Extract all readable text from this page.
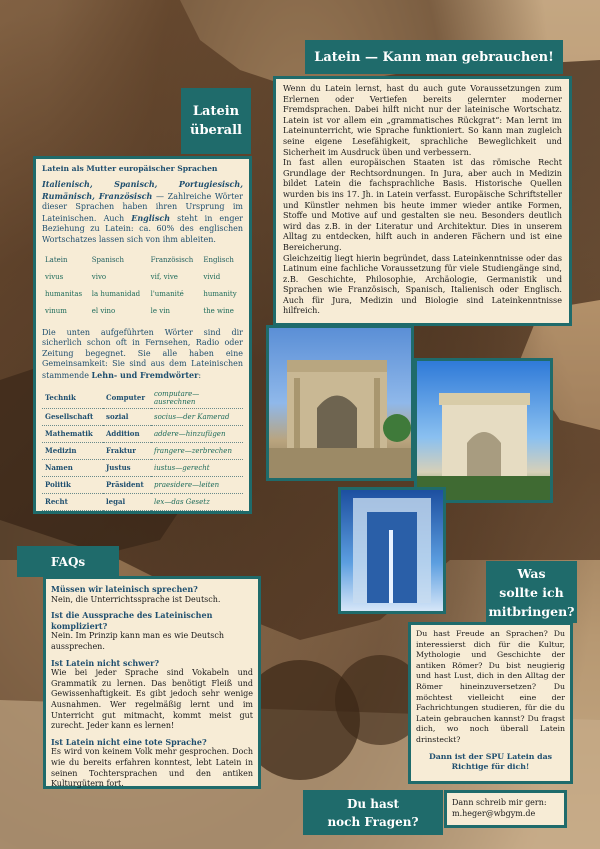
Latein — Kann man gebrauchen!
Latein
überall

Latein als Mutter europäischer Sprachen

Italienisch, Spanisch, Portugiesisch, Rumänisch, Französisch — Zahlreiche Wörter dieser Sprachen haben ihren Ursprung im Lateinischen. Auch Englisch steht in enger Beziehung zu Latein: ca. 60% des englischen Wortschatzes lassen sich von ihm ableiten.

Latein	Spanisch	Französisch	Englisch
vivus	vivo	vif, vive	vivid
humanitas	la humanidad	l'umanité	humanity
vinum	el vino	le vin	the wine

Die unten aufgeführten Wörter sind dir sicherlich schon oft in Fernsehen, Radio oder Zeitung begegnet. Sie alle haben eine Gemeinsamkeit: Sie sind aus dem Lateinischen stammende Lehn- und Fremdwörter:

Technik	Computer	computare—ausrechnen
Gesellschaft	sozial	socius—der Kamerad
Mathematik	Addition	addere—hinzufügen
Medizin	Fraktur	frangere—zerbrechen
Namen	Justus	iustus—gerecht
Politik	Präsident	praesidere—leiten
Recht	legal	lex—das Gesetz

Wenn du Latein lernst, hast du auch gute Voraussetzungen zum Erlernen oder Vertiefen bereits gelernter moderner Fremdsprachen. Dabei hilft nicht nur der lateinische Wortschatz. Latein ist vor allem ein „grammatisches Rückgrat“: Man lernt im Lateinunterricht, wie Sprache funktioniert. So kann man zugleich seine eigene Lesefähigkeit, sprachliche Beweglichkeit und Sicherheit im Ausdruck üben und verbessern.

In fast allen europäischen Staaten ist das römische Recht Grundlage der Rechtsordnungen. In Jura, aber auch in Medizin bildet Latein die fachsprachliche Basis. Historische Quellen wurden bis ins 17. Jh. in Latein verfasst. Europäische Schriftsteller und Künstler nehmen bis heute immer wieder antike Formen, Stoffe und Motive auf und gestalten sie neu. Besonders deutlich wird das z.B. in der Literatur und Architektur. Dies in unserem Alltag zu entdecken, hilft auch in anderen Fächern und ist eine Bereicherung.

Gleichzeitig liegt hierin begründet, dass Lateinkenntnisse oder das Latinum eine fachliche Voraussetzung für viele Studiengänge sind, z.B. Geschichte, Philosophie, Archäologie, Germanistik und Sprachen wie Französisch, Spanisch, Italienisch oder Englisch. Auch für Jura, Medizin und Biologie sind Lateinkenntnisse hilfreich.

FAQs

Müssen wir lateinisch sprechen?

Nein, die Unterrichtssprache ist Deutsch.

Ist die Aussprache des Lateinischen kompliziert?

Nein. Im Prinzip kann man es wie Deutsch aussprechen.

Ist Latein nicht schwer?

Wie bei jeder Sprache sind Vokabeln und Grammatik zu lernen. Das benötigt Fleiß und Gewissenhaftigkeit. Es gibt jedoch sehr wenige Ausnahmen. Wer regelmäßig lernt und im Unterricht gut mitmacht, kommt meist gut zurecht. Jeder kann es lernen!

Ist Latein nicht eine tote Sprache?

Es wird von keinem Volk mehr gesprochen. Doch wie du bereits erfahren konntest, lebt Latein in seinen Tochtersprachen und den antiken Kulturgütern fort.

Was
sollte ich
mitbringen?

Du hast Freude an Sprachen? Du interessierst dich für die Kultur, Mythologie und Geschichte der antiken Römer? Du bist neugierig und hast Lust, dich in den Alltag der Römer hineinzuversetzen? Du möchtest vielleicht eine der Fachrichtungen studieren, für die du Latein gebrauchen kannst? Du fragst dich, wo noch überall Latein drinsteckt?

Dann ist der SPU Latein das Richtige für dich!

Du hast
noch Fragen?

Dann schreib mir gern:

m.heger@wbgym.de
